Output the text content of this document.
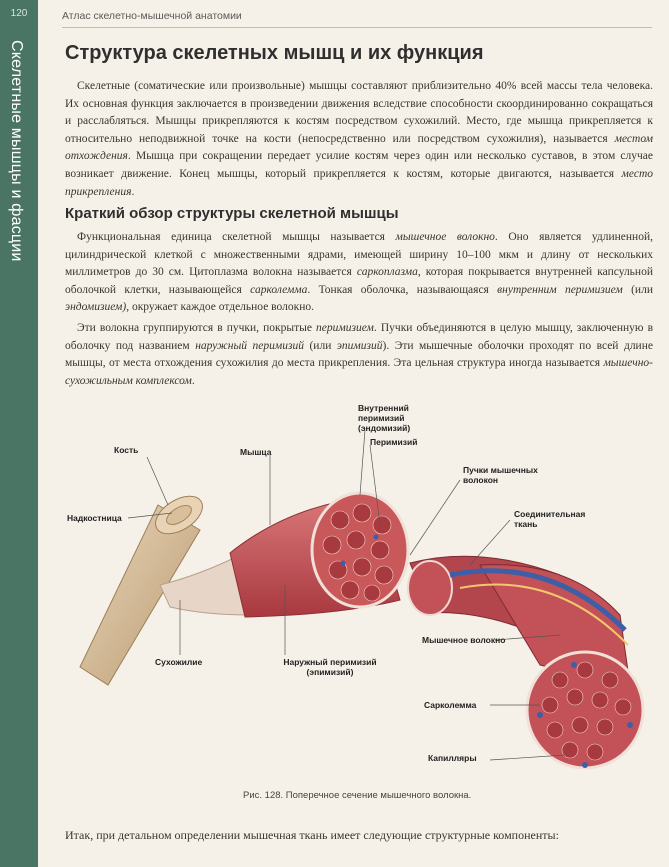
120
Скелетные мышцы и фасции
Атлас скелетно-мышечной анатомии
Структура скелетных мышц и их функция

Скелетные (соматические или произвольные) мышцы составляют приблизительно 40% всей массы тела человека. Их основная функция заключается в произведении движения вследствие способности скоординированно сокращаться и расслабляться. Мышцы прикрепляются к костям посредством сухожилий. Место, где мышца прикрепляется к относительно неподвижной точке на кости (непосредственно или посредством сухожилия), называется местом отхождения. Мышца при сокращении передает усилие костям через один или несколько суставов, в этом случае возникает движение. Конец мышцы, который прикрепляется к костям, которые двигаются, называется место прикрепления.

Краткий обзор структуры скелетной мышцы

Функциональная единица скелетной мышцы называется мышечное волокно. Оно является удлиненной, цилиндрической клеткой с множественными ядрами, имеющей ширину 10–100 мкм и длину от нескольких миллиметров до 30 см. Цитоплазма волокна называется саркоплазма, которая покрывается внутренней капсульной оболочкой клетки, называющейся сарколемма. Тонкая оболочка, называющаяся внутренним перимизием (или эндомизием), окружает каждое отдельное волокно.

Эти волокна группируются в пучки, покрытые перимизием. Пучки объединяются в целую мышцу, заключенную в оболочку под названием наружный перимизий (или эпимизий). Эти мышечные оболочки проходят по всей длине мышцы, от места отхождения сухожилия до места прикрепления. Эта цельная структура иногда называется мышечно-сухожильным комплексом.

Кость
Надкостница
Сухожилие
Мышца
Внутренний перимизий (эндомизий)
Перимизий
Пучки мышечных волокон
Соединительная ткань
Наружный перимизий (эпимизий)
Мышечное волокно
Сарколемма
Капилляры
Рис. 128. Поперечное сечение мышечного волокна.
Итак, при детальном определении мышечная ткань имеет следующие структурные компоненты:
